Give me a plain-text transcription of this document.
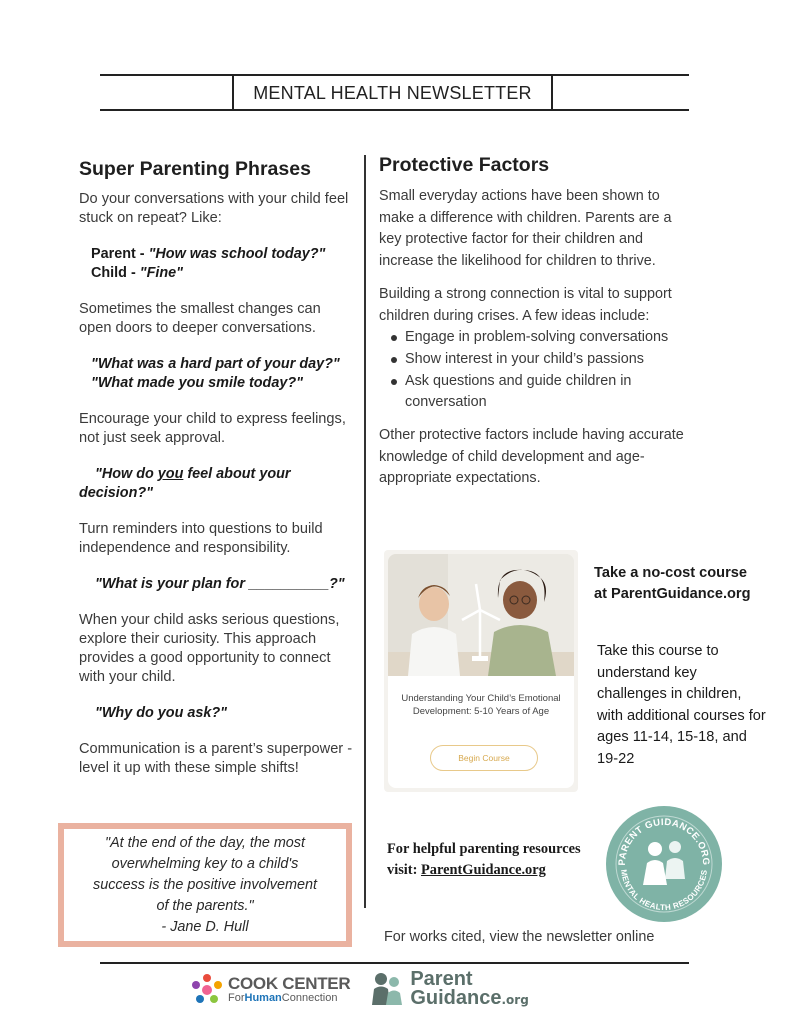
MENTAL HEALTH NEWSLETTER
Super Parenting Phrases
Do your conversations with your child feel stuck on repeat? Like:
Parent - "How was school today?"
Child - "Fine"
Sometimes the smallest changes can open doors to deeper conversations.
"What was a hard part of your day?"
"What made you smile today?"
Encourage your child to express feelings, not just seek approval.
"How do you feel about your decision?"
Turn reminders into questions to build independence and responsibility.
"What is your plan for __________?"
When your child asks serious questions, explore their curiosity. This approach provides a good opportunity to connect with your child.
"Why do you ask?"
Communication is a parent’s superpower - level it up with these simple shifts!
"At the end of the day, the most
overwhelming key to a child's
success is the positive involvement
of the parents."
- Jane D. Hull
Protective Factors
Small everyday actions have been shown to make a difference with children. Parents are a key protective factor for their children and increase the likelihood for children to thrive.
Building a strong connection is vital to support children during crises. A few ideas include:
Engage in problem-solving conversations
Show interest in your child’s passions
Ask questions and guide children in conversation
Other protective factors include having accurate knowledge of child development and age-appropriate expectations.
Understanding Your Child’s Emotional Development: 5-10 Years of Age
Begin Course
Take a no-cost course at ParentGuidance.org
Take this course to understand key challenges in children, with additional courses for ages 11-14, 15-18, and 19-22
For helpful parenting resources visit: ParentGuidance.org	PARENT GUIDANCE.ORG
MENTAL HEALTH RESOURCES
For works cited, view the newsletter online
COOK CENTER
ForHumanConnection
Parent
Guidance.org
